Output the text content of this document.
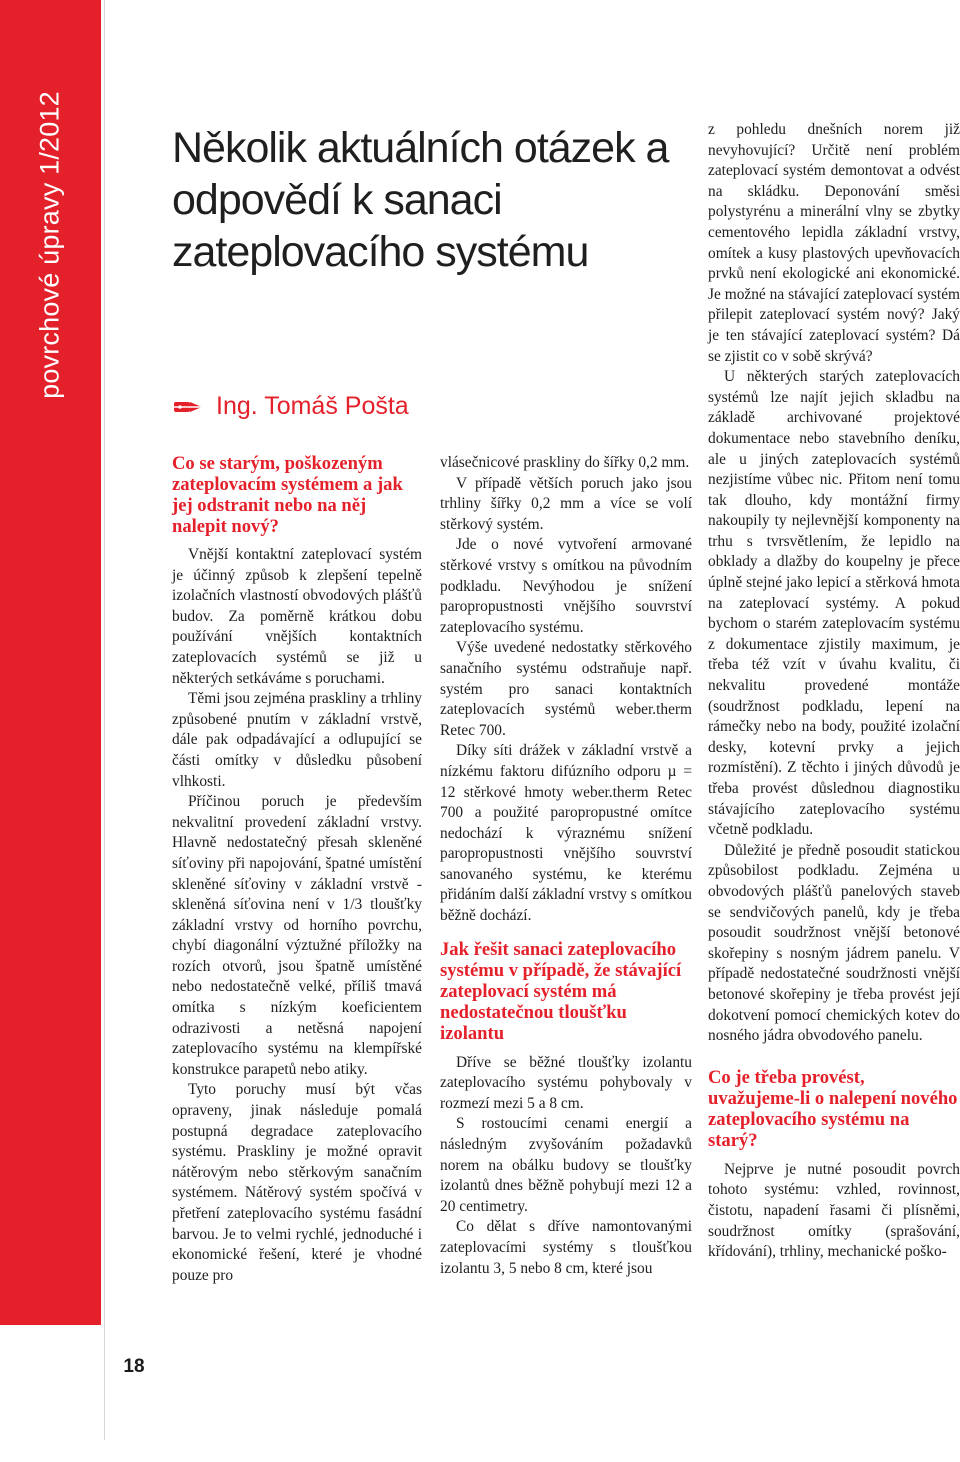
povrchové úpravy 1/2012
18
Několik aktuálních otázek a odpovědí k sanaci zateplovacího systému
Ing. Tomáš Pošta
Co se starým, poškozeným zateplovacím systémem a jak jej odstranit nebo na něj nalepit nový?

Vnější kontaktní zateplovací systém je účinný způsob k zlepšení tepelně izolačních vlastností obvodových plášťů budov. Za poměrně krátkou dobu používání vnějších kontaktních zateplovacích systémů se již u některých setkáváme s poruchami.

Těmi jsou zejména praskliny a trhliny způsobené pnutím v základní vrstvě, dále pak odpadávající a odlupující se části omítky v důsledku působení vlhkosti.

Příčinou poruch je především nekvalitní provedení základní vrstvy. Hlavně nedostatečný přesah skleněné síťoviny při napojování, špatné umístění skleněné síťoviny v základní vrstvě - skleněná síťovina není v 1/3 tloušťky základní vrstvy od horního povrchu, chybí diagonální výztužné příložky na rozích otvorů, jsou špatně umístěné nebo nedostatečně velké, příliš tmavá omítka s nízkým koeficientem odrazivosti a netěsná napojení zateplovacího systému na klempířské konstrukce parapetů nebo atiky.

Tyto poruchy musí být včas opraveny, jinak následuje pomalá postupná degradace zateplovacího systému. Praskliny je možné opravit nátěrovým nebo stěrkovým sanačním systémem. Nátěrový systém spočívá v přetření zateplovacího systému fasádní barvou. Je to velmi rychlé, jednoduché i ekonomické řešení, které je vhodné pouze pro

vlásečnicové praskliny do šířky 0,2 mm.

V případě větších poruch jako jsou trhliny šířky 0,2 mm a více se volí stěrkový systém.

Jde o nové vytvoření armované stěrkové vrstvy s omítkou na původním podkladu. Nevýhodou je snížení paropropustnosti vnějšího souvrství zateplovacího systému.

Výše uvedené nedostatky stěrkového sanačního systému odstraňuje např. systém pro sanaci kontaktních zateplovacích systémů weber.therm Retec 700.

Díky síti drážek v základní vrstvě a nízkému faktoru difúzního odporu µ = 12 stěrkové hmoty weber.therm Retec 700 a použité paropropustné omítce nedochází k výraznému snížení paropropustnosti vnějšího souvrství sanovaného systému, ke kterému přidáním další základní vrstvy s omítkou běžně dochází.

Jak řešit sanaci zateplovacího systému v případě, že stávající zateplovací systém má nedostatečnou tloušťku izolantu

Dříve se běžné tloušťky izolantu zateplovacího systému pohybovaly v rozmezí mezi 5 a 8 cm.

S rostoucími cenami energií a následným zvyšováním požadavků norem na obálku budovy se tloušťky izolantů dnes běžně pohybují mezi 12 a 20 centimetry.

Co dělat s dříve namontovanými zateplovacími systémy s tloušťkou izolantu 3, 5 nebo 8 cm, které jsou

z pohledu dnešních norem již nevyhovující? Určitě není problém zateplovací systém demontovat a odvést na skládku. Deponování směsi polystyrénu a minerální vlny se zbytky cementového lepidla základní vrstvy, omítek a kusy plastových upevňovacích prvků není ekologické ani ekonomické. Je možné na stávající zateplovací systém přilepit zateplovací systém nový? Jaký je ten stávající zateplovací systém? Dá se zjistit co v sobě skrývá?

U některých starých zateplovacích systémů lze najít jejich skladbu na základě archivované projektové dokumentace nebo stavebního deníku, ale u jiných zateplovacích systémů nezjistíme vůbec nic. Přitom není tomu tak dlouho, kdy montážní firmy nakoupily ty nejlevnější komponenty na trhu s tvrsvětlením, že lepidlo na obklady a dlažby do koupelny je přece úplně stejné jako lepicí a stěrková hmota na zateplovací systémy. A pokud bychom o starém zateplovacím systému z dokumentace zjistily maximum, je třeba též vzít v úvahu kvalitu, či nekvalitu provedené montáže (soudržnost podkladu, lepení na rámečky nebo na body, použité izolační desky, kotevní prvky a jejich rozmístění). Z těchto i jiných důvodů je třeba provést důslednou diagnostiku stávajícího zateplovacího systému včetně podkladu.

Důležité je předně posoudit statickou způsobilost podkladu. Zejména u obvodových plášťů panelových staveb se sendvičových panelů, kdy je třeba posoudit soudržnost vnější betonové skořepiny s nosným jádrem panelu. V případě nedostatečné soudržnosti vnější betonové skořepiny je třeba provést její dokotvení pomocí chemických kotev do nosného jádra obvodového panelu.

Co je třeba provést, uvažujeme-li o nalepení nového zateplovacího systému na starý?

Nejprve je nutné posoudit povrch tohoto systému: vzhled, rovinnost, čistotu, napadení řasami či plísněmi, soudržnost omítky (sprašování, křídování), trhliny, mechanické poško-
